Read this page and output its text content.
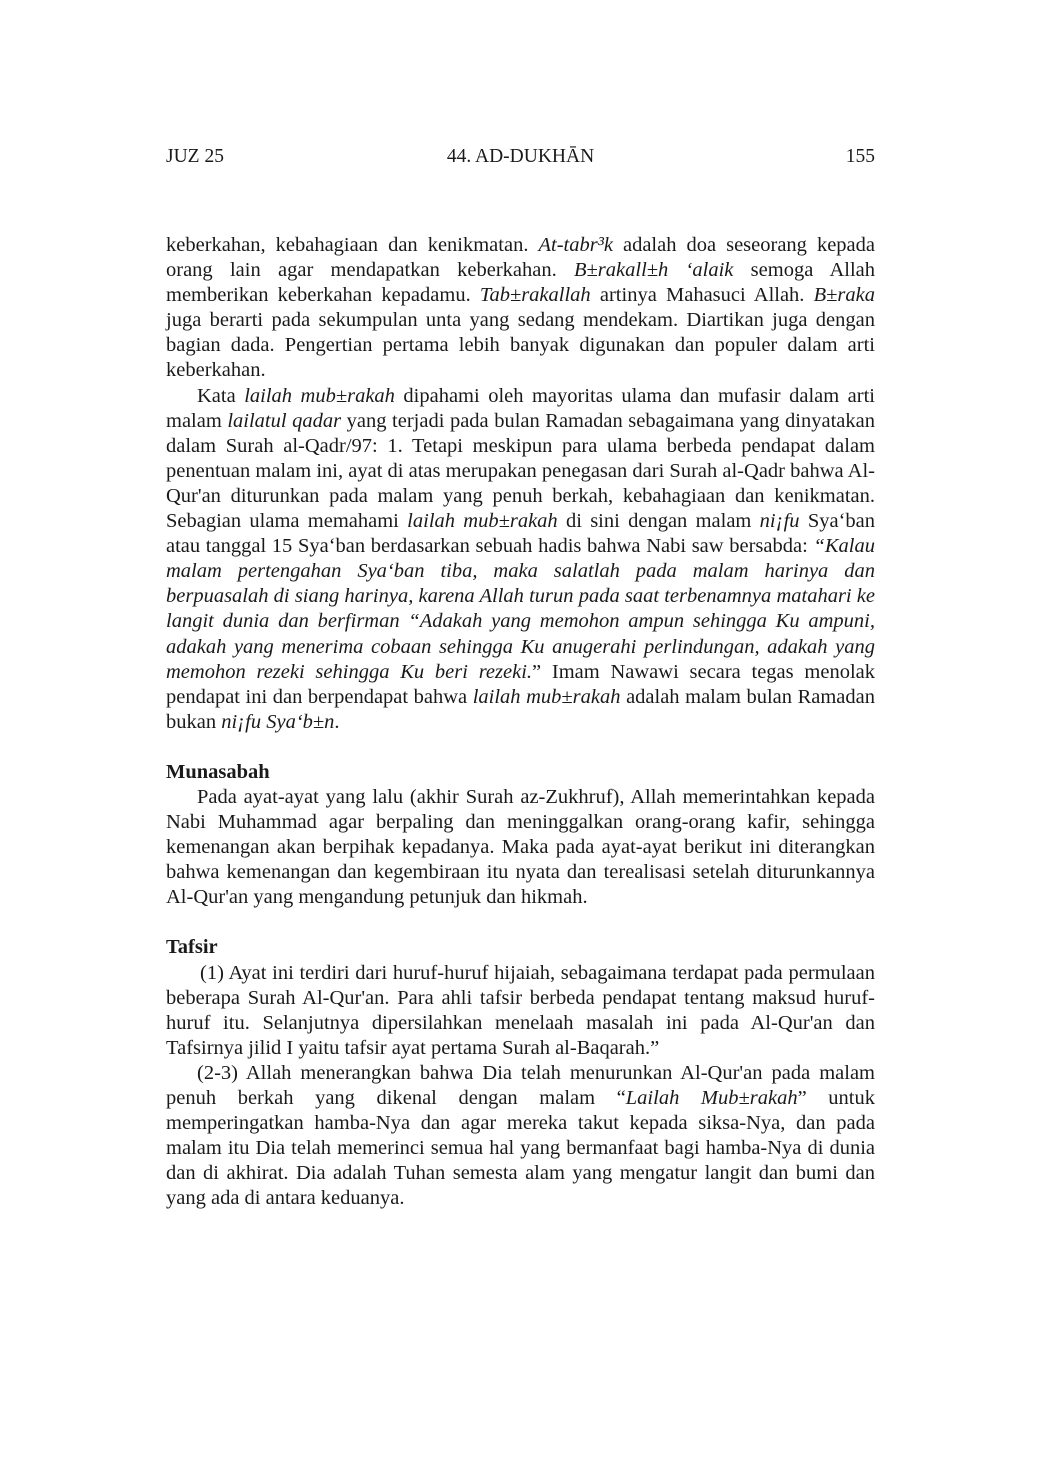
JUZ 25	44. AD-DUKHĀN	155

keberkahan, kebahagiaan dan kenikmatan. At-tabr³k adalah doa seseorang kepada orang lain agar mendapatkan keberkahan. B±rakall±h ‘alaik semoga Allah memberikan keberkahan kepadamu. Tab±rakallah artinya Mahasuci Allah. B±raka juga berarti pada sekumpulan unta yang sedang mendekam. Diartikan juga dengan bagian dada. Pengertian pertama lebih banyak digunakan dan populer dalam arti keberkahan.

Kata lailah mub±rakah dipahami oleh mayoritas ulama dan mufasir dalam arti malam lailatul qadar yang terjadi pada bulan Ramadan sebagaimana yang dinyatakan dalam Surah al-Qadr/97: 1. Tetapi meskipun para ulama berbeda pendapat dalam penentuan malam ini, ayat di atas merupakan penegasan dari Surah al-Qadr bahwa Al-Qur'an diturunkan pada malam yang penuh berkah, kebahagiaan dan kenikmatan. Sebagian ulama memahami lailah mub±rakah di sini dengan malam ni¡fu Sya‘ban atau tanggal 15 Sya‘ban berdasarkan sebuah hadis bahwa Nabi saw bersabda: “Kalau malam pertengahan Sya‘ban tiba, maka salatlah pada malam harinya dan berpuasalah di siang harinya, karena Allah turun pada saat terbenamnya matahari ke langit dunia dan berfirman “Adakah yang memohon ampun sehingga Ku ampuni, adakah yang menerima cobaan sehingga Ku anugerahi perlindungan, adakah yang memohon rezeki sehingga Ku beri rezeki.” Imam Nawawi secara tegas menolak pendapat ini dan berpendapat bahwa lailah mub±rakah adalah malam bulan Ramadan bukan ni¡fu Sya‘b±n.

Munasabah

Pada ayat-ayat yang lalu (akhir Surah az-Zukhruf), Allah memerintahkan kepada Nabi Muhammad agar berpaling dan meninggalkan orang-orang kafir, sehingga kemenangan akan berpihak kepadanya. Maka pada ayat-ayat berikut ini diterangkan bahwa kemenangan dan kegembiraan itu nyata dan terealisasi setelah diturunkannya Al-Qur'an yang mengandung petunjuk dan hikmah.

Tafsir

(1) Ayat ini terdiri dari huruf-huruf hijaiah, sebagaimana terdapat pada permulaan beberapa Surah Al-Qur'an. Para ahli tafsir berbeda pendapat tentang maksud huruf-huruf itu. Selanjutnya dipersilahkan menelaah masalah ini pada Al-Qur'an dan Tafsirnya jilid I yaitu tafsir ayat pertama Surah al-Baqarah.”

(2-3) Allah menerangkan bahwa Dia telah menurunkan Al-Qur'an pada malam penuh berkah yang dikenal dengan malam “Lailah Mub±rakah” untuk memperingatkan hamba-Nya dan agar mereka takut kepada siksa-Nya, dan pada malam itu Dia telah memerinci semua hal yang bermanfaat bagi hamba-Nya di dunia dan di akhirat. Dia adalah Tuhan semesta alam yang mengatur langit dan bumi dan yang ada di antara keduanya.
